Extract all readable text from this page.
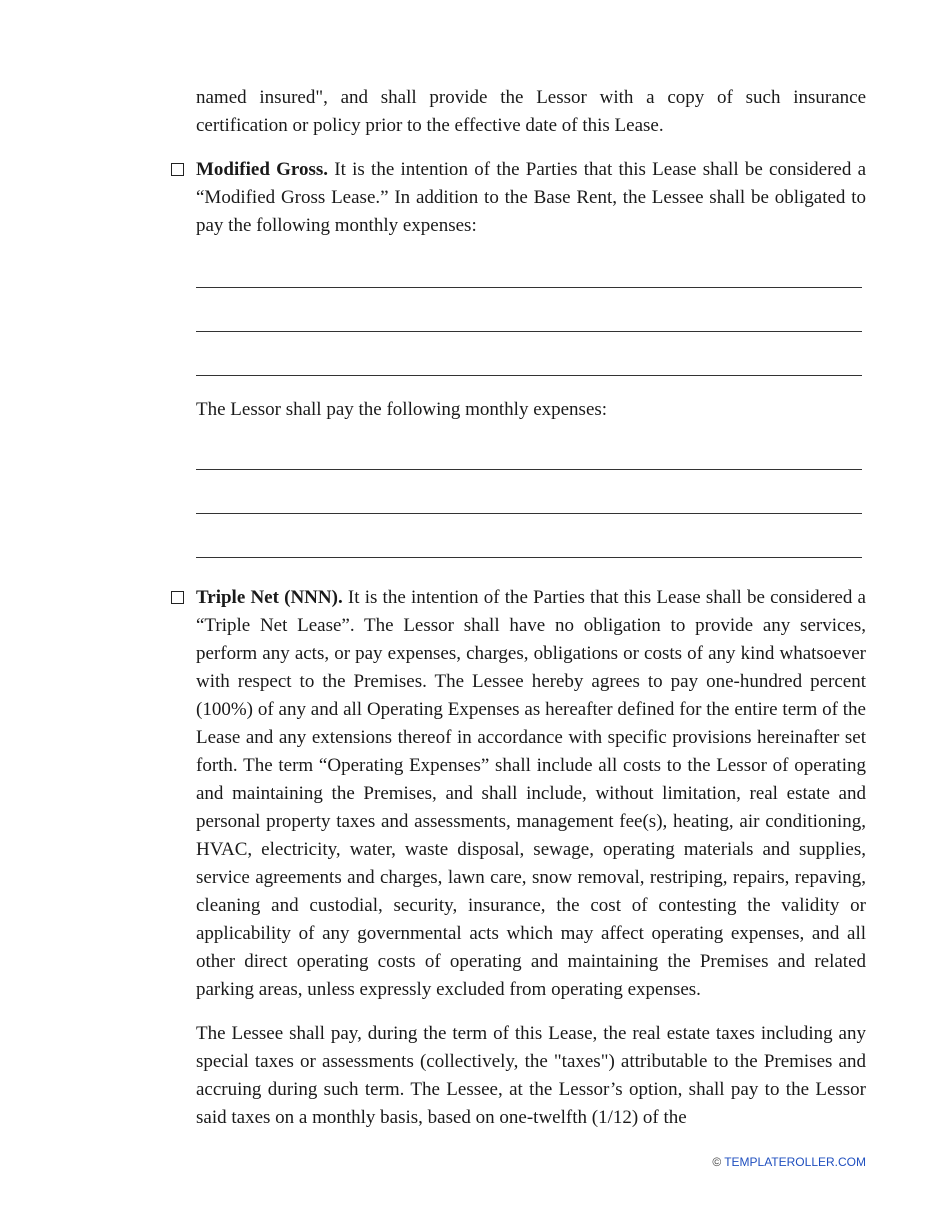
named insured", and shall provide the Lessor with a copy of such insurance certification or policy prior to the effective date of this Lease.

Modified Gross. It is the intention of the Parties that this Lease shall be considered a “Modified Gross Lease.” In addition to the Base Rent, the Lessee shall be obligated to pay the following monthly expenses:

The Lessor shall pay the following monthly expenses:

Triple Net (NNN). It is the intention of the Parties that this Lease shall be considered a “Triple Net Lease”. The Lessor shall have no obligation to provide any services, perform any acts, or pay expenses, charges, obligations or costs of any kind whatsoever with respect to the Premises. The Lessee hereby agrees to pay one-hundred percent (100%) of any and all Operating Expenses as hereafter defined for the entire term of the Lease and any extensions thereof in accordance with specific provisions hereinafter set forth. The term “Operating Expenses” shall include all costs to the Lessor of operating and maintaining the Premises, and shall include, without limitation, real estate and personal property taxes and assessments, management fee(s), heating, air conditioning, HVAC, electricity, water, waste disposal, sewage, operating materials and supplies, service agreements and charges, lawn care, snow removal, restriping, repairs, repaving, cleaning and custodial, security, insurance, the cost of contesting the validity or applicability of any governmental acts which may affect operating expenses, and all other direct operating costs of operating and maintaining the Premises and related parking areas, unless expressly excluded from operating expenses.

The Lessee shall pay, during the term of this Lease, the real estate taxes including any special taxes or assessments (collectively, the "taxes") attributable to the Premises and accruing during such term. The Lessee, at the Lessor’s option, shall pay to the Lessor said taxes on a monthly basis, based on one-twelfth (1/12) of the

© TEMPLATEROLLER.COM
